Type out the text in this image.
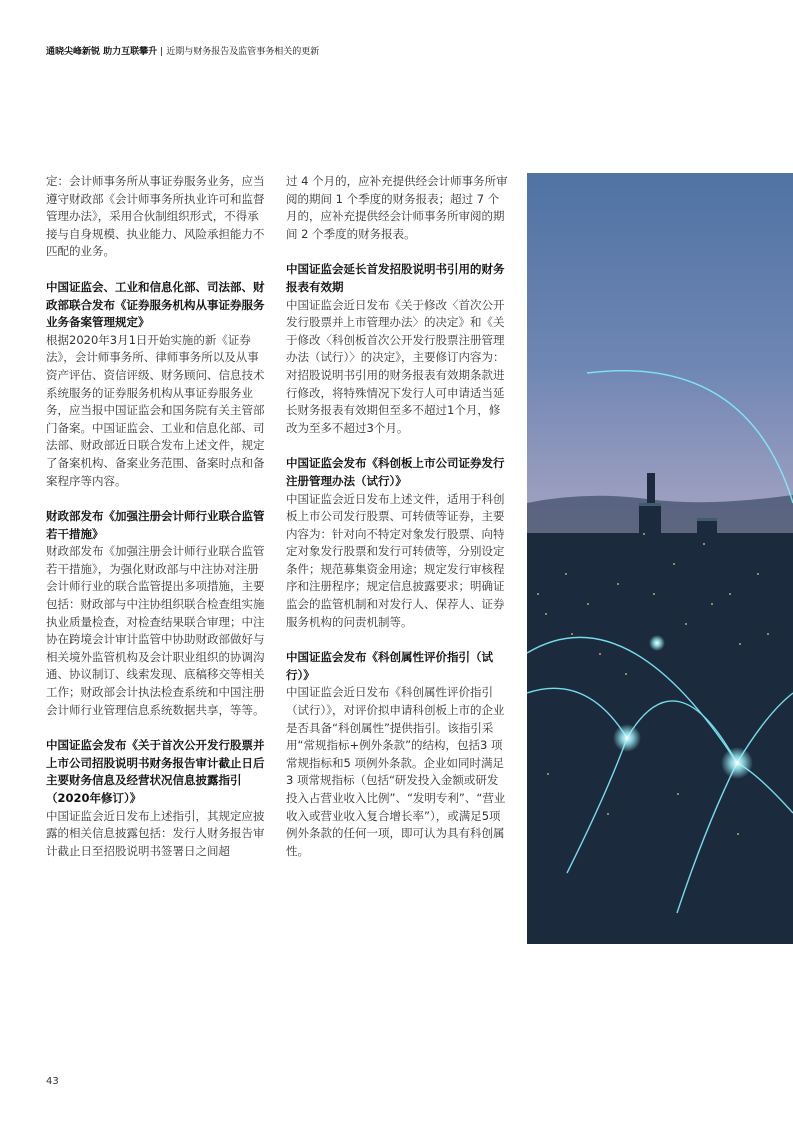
通晓尖峰新锐 助力互联攀升 | 近期与财务报告及监管事务相关的更新

定：会计师事务所从事证券服务业务，应当遵守财政部《会计师事务所执业许可和监督管理办法》，采用合伙制组织形式，不得承接与自身规模、执业能力、风险承担能力不匹配的业务。

中国证监会、工业和信息化部、司法部、财政部联合发布《证券服务机构从事证券服务业务备案管理规定》

根据2020年3月1日开始实施的新《证券法》，会计师事务所、律师事务所以及从事资产评估、资信评级、财务顾问、信息技术系统服务的证券服务机构从事证券服务业务，应当报中国证监会和国务院有关主管部门备案。中国证监会、工业和信息化部、司法部、财政部近日联合发布上述文件，规定了备案机构、备案业务范围、备案时点和备案程序等内容。

财政部发布《加强注册会计师行业联合监管若干措施》

财政部发布《加强注册会计师行业联合监管若干措施》，为强化财政部与中注协对注册会计师行业的联合监管提出多项措施，主要包括：财政部与中注协组织联合检查组实施执业质量检查，对检查结果联合审理；中注协在跨境会计审计监管中协助财政部做好与相关境外监管机构及会计职业组织的协调沟通、协议制订、线索发现、底稿移交等相关工作；财政部会计执法检查系统和中国注册会计师行业管理信息系统数据共享，等等。

中国证监会发布《关于首次公开发行股票并上市公司招股说明书财务报告审计截止日后主要财务信息及经营状况信息披露指引（2020年修订）》

中国证监会近日发布上述指引，其规定应披露的相关信息披露包括：发行人财务报告审计截止日至招股说明书签署日之间超

过 4 个月的，应补充提供经会计师事务所审阅的期间 1 个季度的财务报表；超过 7 个月的，应补充提供经会计师事务所审阅的期间 2 个季度的财务报表。

中国证监会延长首发招股说明书引用的财务报表有效期

中国证监会近日发布《关于修改〈首次公开发行股票并上市管理办法〉的决定》和《关于修改〈科创板首次公开发行股票注册管理办法（试行）〉的决定》，主要修订内容为：对招股说明书引用的财务报表有效期条款进行修改，将特殊情况下发行人可申请适当延长财务报表有效期但至多不超过1个月，修改为至多不超过3个月。

中国证监会发布《科创板上市公司证券发行注册管理办法（试行）》

中国证监会近日发布上述文件，适用于科创板上市公司发行股票、可转债等证券，主要内容为：针对向不特定对象发行股票、向特定对象发行股票和发行可转债等，分别设定条件；规范募集资金用途；规定发行审核程序和注册程序；规定信息披露要求；明确证监会的监管机制和对发行人、保荐人、证券服务机构的问责机制等。

中国证监会发布《科创属性评价指引（试行）》

中国证监会近日发布《科创属性评价指引（试行）》，对评价拟申请科创板上市的企业是否具备“科创属性”提供指引。该指引采用“常规指标+例外条款”的结构，包括3 项常规指标和5 项例外条款。企业如同时满足3 项常规指标（包括“研发投入金额或研发投入占营业收入比例”、“发明专利”、“营业收入或营业收入复合增长率”），或满足5项例外条款的任何一项，即可认为具有科创属性。

43
